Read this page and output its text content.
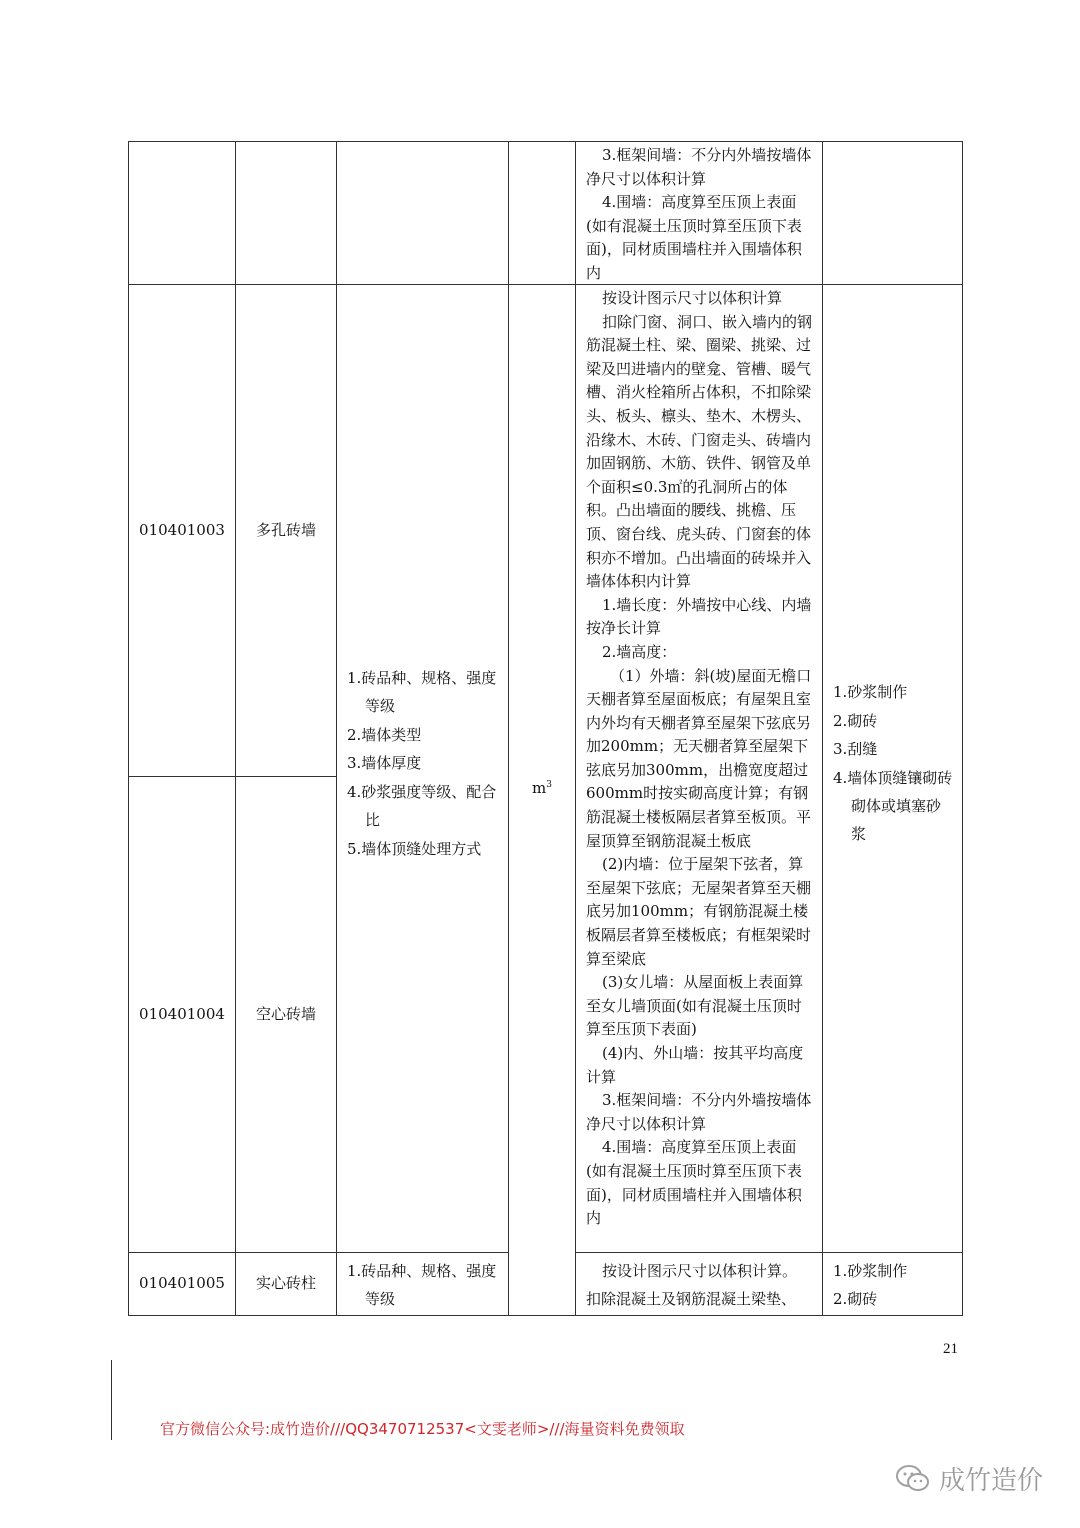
3.框架间墙：不分内外墙按墙体净尺寸以体积计算

4.围墙：高度算至压顶上表面(如有混凝土压顶时算至压顶下表面)，同材质围墙柱并入围墙体积内

010401003 多孔砖墙
010401004 空心砖墙
1.砖品种、规格、强度等级
2.墙体类型
3.墙体厚度
4.砂浆强度等级、配合比
5.墙体顶缝处理方式
$m^3$

按设计图示尺寸以体积计算

扣除门窗、洞口、嵌入墙内的钢筋混凝土柱、梁、圈梁、挑梁、过梁及凹进墙内的壁龛、管槽、暖气槽、消火栓箱所占体积，不扣除梁头、板头、檩头、垫木、木楞头、沿缘木、木砖、门窗走头、砖墙内加固钢筋、木筋、铁件、钢管及单个面积≤0.3㎡的孔洞所占的体积。凸出墙面的腰线、挑檐、压顶、窗台线、虎头砖、门窗套的体积亦不增加。凸出墙面的砖垛并入墙体体积内计算

1.墙长度：外墙按中心线、内墙按净长计算

2.墙高度：

（1）外墙：斜(坡)屋面无檐口天棚者算至屋面板底；有屋架且室内外均有天棚者算至屋架下弦底另加200mm；无天棚者算至屋架下弦底另加300mm，出檐宽度超过600mm时按实砌高度计算；有钢筋混凝土楼板隔层者算至板顶。平屋顶算至钢筋混凝土板底

(2)内墙：位于屋架下弦者，算至屋架下弦底；无屋架者算至天棚底另加100mm；有钢筋混凝土楼板隔层者算至楼板底；有框架梁时算至梁底

(3)女儿墙：从屋面板上表面算至女儿墙顶面(如有混凝土压顶时算至压顶下表面)

(4)内、外山墙：按其平均高度计算

3.框架间墙：不分内外墙按墙体净尺寸以体积计算

4.围墙：高度算至压顶上表面(如有混凝土压顶时算至压顶下表面)，同材质围墙柱并入围墙体积内

1.砂浆制作
2.砌砖
3.刮缝
4.墙体顶缝镶砌砖砌体或填塞砂浆
010401005 实心砖柱
1.砖品种、规格、强度等级

按设计图示尺寸以体积计算。

扣除混凝土及钢筋混凝土梁垫、

1.砂浆制作
2.砌砖
21
官方微信公众号:成竹造价///QQ3470712537<文雯老师>///海量资料免费领取
成竹造价
